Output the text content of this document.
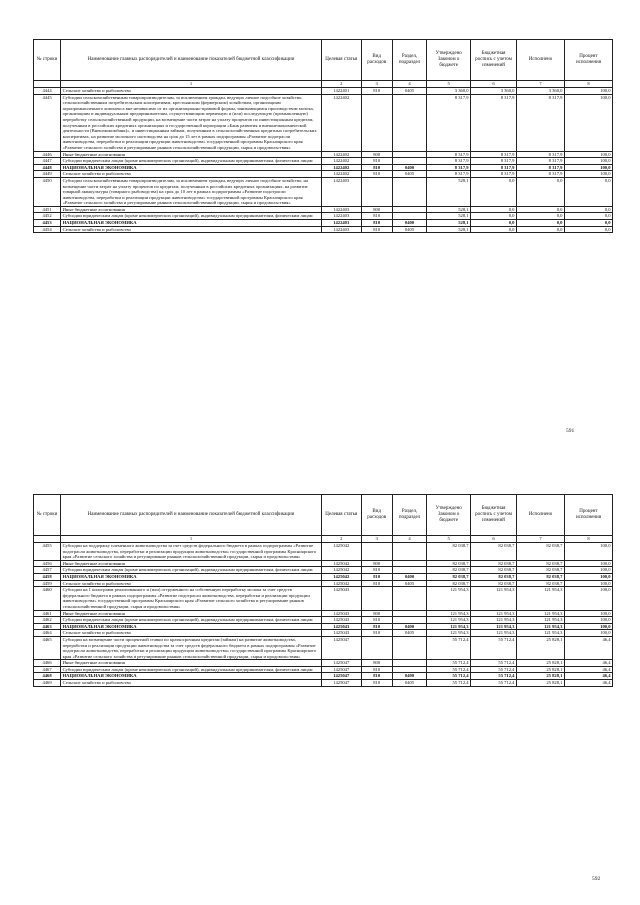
№ строки	Наименование главных распорядителей и наименование показателей бюджетной классификации	Целевая статья	Вид расходов	Раздел, подраздел	Утверждено Законом о бюджете	Бюджетная роспись с учетом изменений	Исполнено	Процент исполнения
	1	2	3	4	5	6	7	8
4444	Сельское хозяйство и рыболовство	1422401	810	0405	3 360,0	3 360,0	3 360,0	100,0
4445	Субсидии сельскохозяйственным товаропроизводителям, за исключением граждан, ведущих личное подсобное хозяйство, сельскохозяйственным потребительским кооперативам, крестьянским (фермерским) хозяйствам, организациям агропромышленного комплекса вне независимо от их организационно-правовой формы, занимающимся производством молока, организациям и индивидуальным предпринимателям, осуществляющим первичную и (или) последующую (промышленную) переработку сельскохозяйственной продукции, на возмещение части затрат на уплату процентов по инвестиционным кредитам, полученным в российских кредитных организациях и государственной корпорации «Банк развития и внешнеэкономической деятельности (Внешэкономбанк)», и инвестиционным займам, полученным в сельскохозяйственных кредитных потребительских кооперативах, на развитие молочного скотоводства на срок до 15 лет в рамках подпрограммы «Развитие подотрасли животноводства, переработки и реализации продукции животноводства» государственной программы Красноярского края «Развитие сельского хозяйства и регулирование рынков сельскохозяйственной продукции, сырья и продовольствия»	1422402			8 317,9	8 317,9	8 317,9	100,0
4446	Иные бюджетные ассигнования	1422402	800		8 317,9	8 317,9	8 317,9	100,0
4447	Субсидии юридическим лицам (кроме некоммерческих организаций), индивидуальным предпринимателям, физическим лицам	1422402	810		8 317,9	8 317,9	8 317,9	100,0
4448	НАЦИОНАЛЬНАЯ ЭКОНОМИКА	1422402	810	0400	8 317,9	8 317,9	8 317,9	100,0
4449	Сельское хозяйство и рыболовство	1422402	810	0405	8 317,9	8 317,9	8 317,9	100,0
4450	Субсидии сельскохозяйственным товаропроизводителям, за исключением граждан, ведущих личное подсобное хозяйство, на возмещение части затрат на уплату процентов по кредитам, полученным в российских кредитных организациях, на развитие товарной аквакультуры (товарного рыбоводства) на срок до 10 лет в рамках подпрограммы «Развитие подотрасли животноводства, переработки и реализации продукции животноводства» государственной программы Красноярского края «Развитие сельского хозяйства и регулирование рынков сельскохозяйственной продукции, сырья и продовольствия»	1422403			528,1	0,0	0,0	0,0
4451	Иные бюджетные ассигнования	1422403	800		528,1	0,0	0,0	0,0
4452	Субсидии юридическим лицам (кроме некоммерческих организаций), индивидуальным предпринимателям, физическим лицам	1422403	810		528,1	0,0	0,0	0,0
4453	НАЦИОНАЛЬНАЯ ЭКОНОМИКА	1422403	810	0400	528,1	0,0	0,0	0,0
4454	Сельское хозяйство и рыболовство	1422403	810	0405	528,1	0,0	0,0	0,0
591
№ строки	Наименование главных распорядителей и наименование показателей бюджетной классификации	Целевая статья	Вид расходов	Раздел, подраздел	Утверждено Законом о бюджете	Бюджетная роспись с учетом изменений	Исполнено	Процент исполнения
	1	2	3	4	5	6	7	8
4455	Субсидии на поддержку племенного животноводства за счет средств федерального бюджета в рамках подпрограммы «Развитие подотрасли животноводства, переработки и реализации продукции животноводства» государственной программы Красноярского края «Развитие сельского хозяйства и регулирование рынков сельскохозяйственной продукции, сырья и продовольствия»	1425042			82 038,7	82 038,7	82 038,7	100,0
4456	Иные бюджетные ассигнования	1425042	800		82 038,7	82 038,7	82 038,7	100,0
4457	Субсидии юридическим лицам (кроме некоммерческих организаций), индивидуальным предпринимателям, физическим лицам	1425042	810		82 038,7	82 038,7	82 038,7	100,0
4458	НАЦИОНАЛЬНАЯ ЭКОНОМИКА	1425042	810	0400	82 038,7	82 038,7	82 038,7	100,0
4459	Сельское хозяйство и рыболовство	1425042	810	0405	82 038,7	82 038,7	82 038,7	100,0
4460	Субсидии на 1 килограмм реализованного и (или) отгруженного на собственную переработку молока за счет средств федерального бюджета в рамках подпрограммы «Развитие подотрасли животноводства, переработки и реализации продукции животноводства» государственной программы Красноярского края «Развитие сельского хозяйства и регулирование рынков сельскохозяйственной продукции, сырья и продовольствия»	1425043			121 954,3	121 954,3	121 954,3	100,0
4461	Иные бюджетные ассигнования	1425043	800		121 954,3	121 954,3	121 954,3	100,0
4462	Субсидии юридическим лицам (кроме некоммерческих организаций), индивидуальным предпринимателям, физическим лицам	1425043	810		121 954,3	121 954,3	121 954,3	100,0
4463	НАЦИОНАЛЬНАЯ ЭКОНОМИКА	1425043	810	0400	121 954,3	121 954,3	121 954,3	100,0
4464	Сельское хозяйство и рыболовство	1425043	810	0405	121 954,3	121 954,3	121 954,3	100,0
4465	Субсидии на возмещение части процентной ставки по краткосрочным кредитам (займам) на развитие животноводства, переработки и реализации продукции животноводства за счет средств федерального бюджета в рамках подпрограммы «Развитие подотрасли животноводства, переработки и реализации продукции животноводства» государственной программы Красноярского края «Развитие сельского хозяйства и регулирование рынков сельскохозяйственной продукции, сырья и продовольствия»	1425047			55 712,4	55 712,4	25 828,1	46,4
4466	Иные бюджетные ассигнования	1425047	800		55 712,4	55 712,4	25 828,1	46,4
4467	Субсидии юридическим лицам (кроме некоммерческих организаций), индивидуальным предпринимателям, физическим лицам	1425047	810		55 712,4	55 712,4	25 828,1	46,4
4468	НАЦИОНАЛЬНАЯ ЭКОНОМИКА	1425047	810	0400	55 712,4	55 712,4	25 828,1	46,4
4469	Сельское хозяйство и рыболовство	1425047	810	0405	55 712,4	55 712,4	25 828,1	46,4
592
